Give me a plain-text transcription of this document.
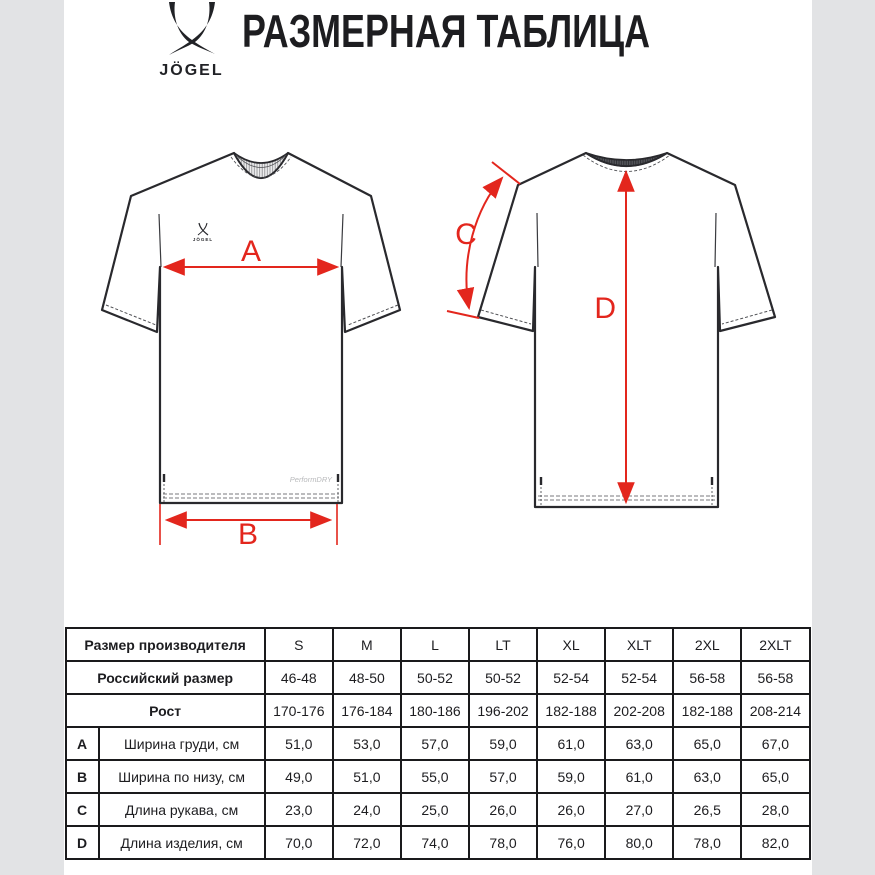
JÖGEL
РАЗМЕРНАЯ ТАБЛИЦА
JÖGEL
PerformDRY
A
B
D
C
Размер производителя		S	M	L	LT	XL	XLT	2XL	2XLT
Российский размер		46-48	48-50	50-52	50-52	52-54	52-54	56-58	56-58
Рост		170-176	176-184	180-186	196-202	182-188	202-208	182-188	208-214
A	Ширина груди, см	51,0	53,0	57,0	59,0	61,0	63,0	65,0	67,0
B	Ширина по низу, см	49,0	51,0	55,0	57,0	59,0	61,0	63,0	65,0
C	Длина рукава, см	23,0	24,0	25,0	26,0	26,0	27,0	26,5	28,0
D	Длина изделия, см	70,0	72,0	74,0	78,0	76,0	80,0	78,0	82,0
